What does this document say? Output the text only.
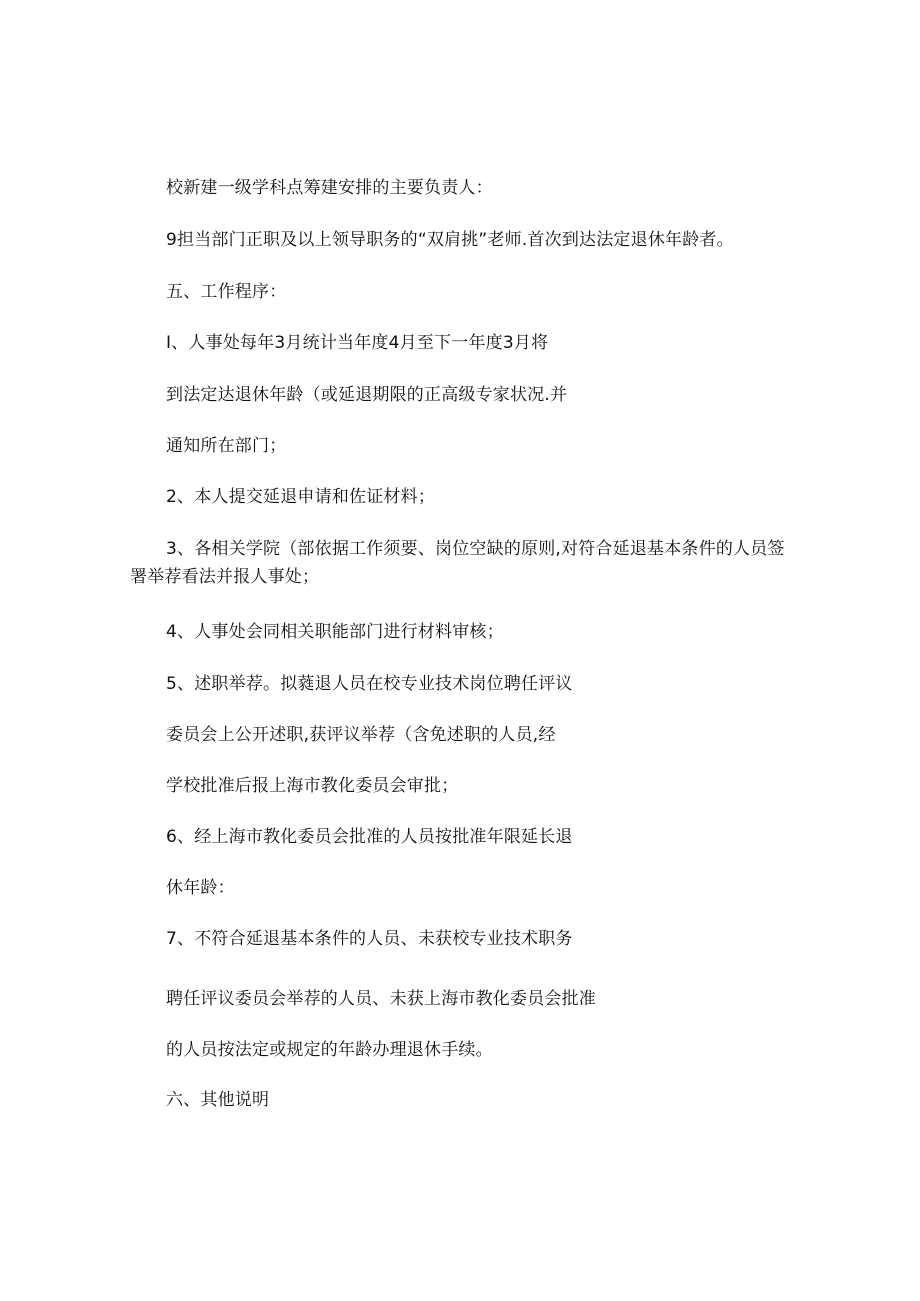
校新建一级学科点筹建安排的主要负责人：
9担当部门正职及以上领导职务的“双肩挑”老师.首次到达法定退休年龄者。
五、工作程序：
I、人事处每年3月统计当年度4月至下一年度3月将
到法定达退休年龄（或延退期限的正高级专家状况.并
通知所在部门；
2、本人提交延退申请和佐证材料；
3、各相关学院（部依据工作须要、岗位空缺的原则,对符合延退基本条件的人员签署举荐看法并报人事处；
4、人事处会同相关职能部门进行材料审核；
5、述职举荐。拟蕤退人员在校专业技术岗位聘任评议
委员会上公开述职,获评议举荐（含免述职的人员,经
学校批准后报上海市教化委员会审批；
6、经上海市教化委员会批准的人员按批准年限延长退
休年龄：
7、不符合延退基本条件的人员、未获校专业技术职务
聘任评议委员会举荐的人员、未获上海市教化委员会批准
的人员按法定或规定的年龄办理退休手续。
六、其他说明
